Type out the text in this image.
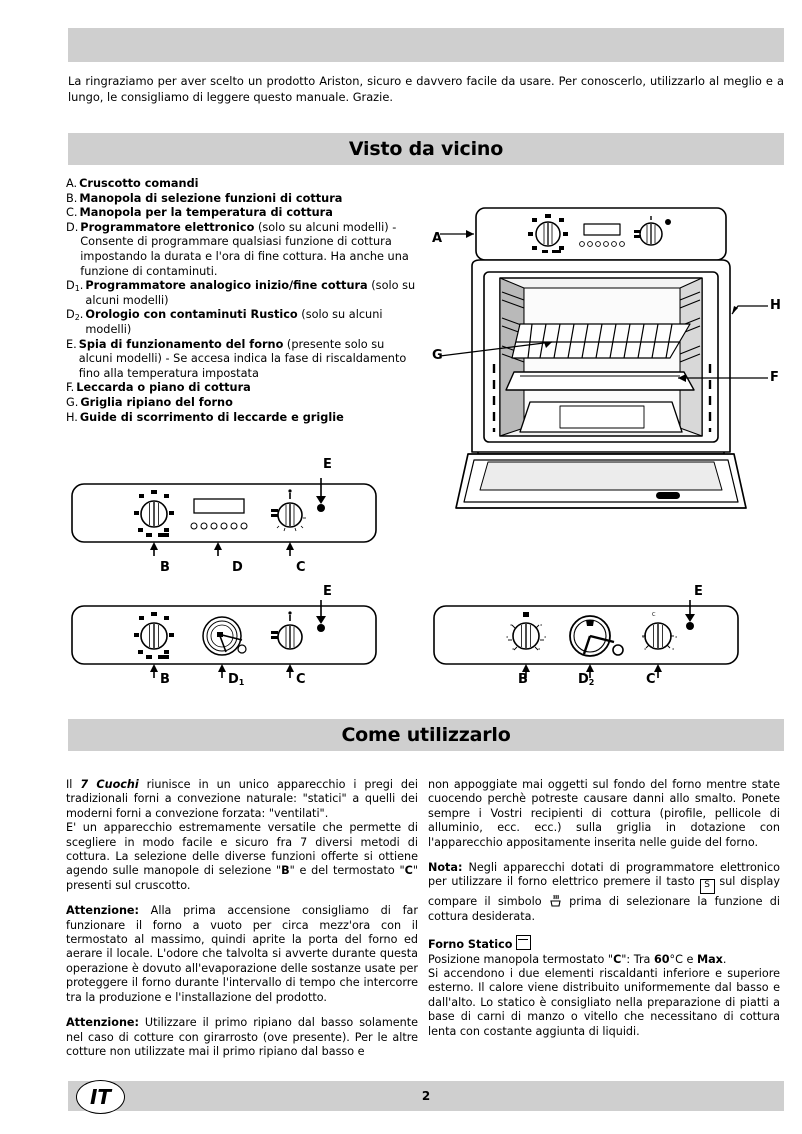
La ringraziamo per aver scelto un prodotto Ariston, sicuro e davvero facile da usare. Per conoscerlo, utilizzarlo al meglio e a lungo, le consigliamo di leggere questo manuale. Grazie.
Visto da vicino
A. Cruscotto comandi
B. Manopola di selezione funzioni di cottura
C. Manopola per la temperatura di cottura
D. Programmatore elettronico (solo su alcuni modelli) - Consente di programmare qualsiasi funzione di cottura impostando la durata e l'ora di fine cottura. Ha anche una funzione di contaminuti.
$D_1$. Programmatore analogico inizio/fine cottura (solo su alcuni modelli)
$D_2$. Orologio con contaminuti Rustico (solo su alcuni modelli)
E. Spia di funzionamento del forno (presente solo su alcuni modelli) - Se accesa indica la fase di riscaldamento fino alla temperatura impostata
F. Leccarda o piano di cottura
G. Griglia ripiano del forno
H. Guide di scorrimento di leccarde e griglie
A
H
G
F
E
B	D	C
E
B	$D_1$	C
C
°	°
°	°
°	°
°	°
°	°
E
B	$D_2$	C
Come utilizzarlo

Il 7 Cuochi riunisce in un unico apparecchio i pregi dei tradizionali forni a convezione naturale: "statici" a quelli dei moderni forni a convezione forzata: "ventilati".

E' un apparecchio estremamente versatile che permette di scegliere in modo facile e sicuro fra 7 diversi metodi di cottura. La selezione delle diverse funzioni offerte si ottiene agendo sulle manopole di selezione "B" e del termostato "C" presenti sul cruscotto.

Attenzione: Alla prima accensione consigliamo di far funzionare il forno a vuoto per circa mezz'ora con il termostato al massimo, quindi aprite la porta del forno ed aerare il locale. L'odore che talvolta si avverte durante questa operazione è dovuto all'evaporazione delle sostanze usate per proteggere il forno durante l'intervallo di tempo che intercorre tra la produzione e l'installazione del prodotto.

Attenzione: Utilizzare il primo ripiano dal basso solamente nel caso di cotture con girarrosto (ove presente). Per le altre cotture non utilizzate mai il primo ripiano dal basso e

non appoggiate mai oggetti sul fondo del forno mentre state cuocendo perchè potreste causare danni allo smalto. Ponete sempre i Vostri recipienti di cottura (pirofile, pellicole di alluminio, ecc. ecc.) sulla griglia in dotazione con l'apparecchio appositamente inserita nelle guide del forno.

Nota: Negli apparecchi dotati di programmatore elettronico per utilizzare il forno elettrico premere il tasto S sul display compare il simbolo  prima di selezionare la funzione di cottura desiderata.

Forno Statico

Posizione manopola termostato "C": Tra 60°C e Max.

Si accendono i due elementi riscaldanti inferiore e superiore esterno. Il calore viene distribuito uniformemente dal basso e dall'alto. Lo statico è consigliato nella preparazione di piatti a base di carni di manzo o vitello che necessitano di cottura lenta con costante aggiunta di liquidi.

2
IT
